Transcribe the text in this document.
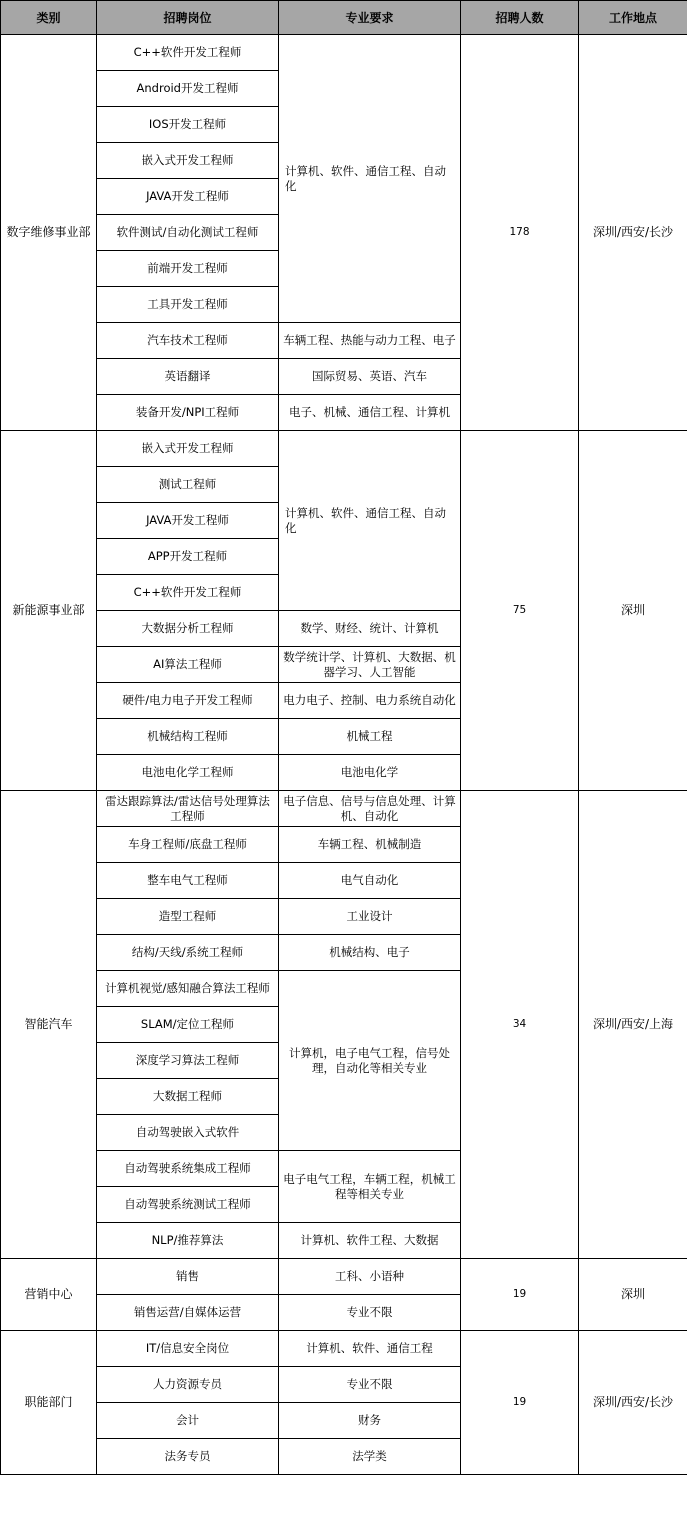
类别	招聘岗位	专业要求	招聘人数	工作地点
数字维修事业部	C++软件开发工程师	计算机、软件、通信工程、自动化	178	深圳/西安/长沙
	Android开发工程师			
	IOS开发工程师			
	嵌入式开发工程师			
	JAVA开发工程师			
	软件测试/自动化测试工程师			
	前端开发工程师			
	工具开发工程师			
	汽车技术工程师	车辆工程、热能与动力工程、电子		
	英语翻译	国际贸易、英语、汽车		
	装备开发/NPI工程师	电子、机械、通信工程、计算机		
新能源事业部	嵌入式开发工程师	计算机、软件、通信工程、自动化	75	深圳
	测试工程师			
	JAVA开发工程师			
	APP开发工程师			
	C++软件开发工程师			
	大数据分析工程师	数学、财经、统计、计算机		
	AI算法工程师	数学统计学、计算机、大数据、机器学习、人工智能		
	硬件/电力电子开发工程师	电力电子、控制、电力系统自动化		
	机械结构工程师	机械工程		
	电池电化学工程师	电池电化学		
智能汽车	雷达跟踪算法/雷达信号处理算法工程师	电子信息、信号与信息处理、计算机、自动化	34	深圳/西安/上海
	车身工程师/底盘工程师	车辆工程、机械制造		
	整车电气工程师	电气自动化		
	造型工程师	工业设计		
	结构/天线/系统工程师	机械结构、电子		
	计算机视觉/感知融合算法工程师	计算机，电子电气工程，信号处理，自动化等相关专业		
	SLAM/定位工程师			
	深度学习算法工程师			
	大数据工程师			
	自动驾驶嵌入式软件			
	自动驾驶系统集成工程师	电子电气工程，车辆工程，机械工程等相关专业		
	自动驾驶系统测试工程师			
	NLP/推荐算法	计算机、软件工程、大数据		
营销中心	销售	工科、小语种	19	深圳
	销售运营/自媒体运营	专业不限		
职能部门	IT/信息安全岗位	计算机、软件、通信工程	19	深圳/西安/长沙
	人力资源专员	专业不限		
	会计	财务		
	法务专员	法学类		
